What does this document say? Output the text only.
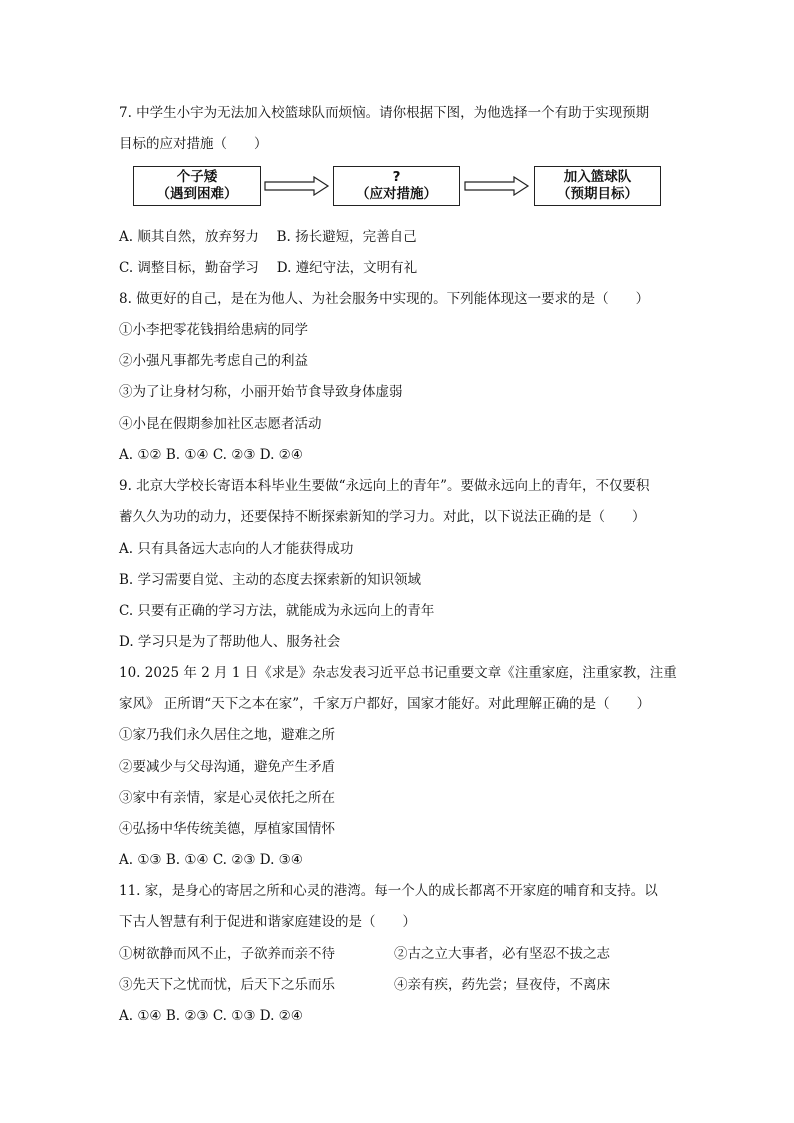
7. 中学生小宇为无法加入校篮球队而烦恼。请你根据下图，为他选择一个有助于实现预期
目标的应对措施（　　）
个子矮
（遇到困难）
?
（应对措施）
加入篮球队
（预期目标）
A. 顺其自然，放弃努力　 B. 扬长避短，完善自己
C. 调整目标，勤奋学习　 D. 遵纪守法，文明有礼
8. 做更好的自己，是在为他人、为社会服务中实现的。下列能体现这一要求的是（　　）
①小李把零花钱捐给患病的同学
②小强凡事都先考虑自己的利益
③为了让身材匀称，小丽开始节食导致身体虚弱
④小昆在假期参加社区志愿者活动
A. ①② B. ①④ C. ②③ D. ②④
9. 北京大学校长寄语本科毕业生要做“永远向上的青年”。要做永远向上的青年，不仅要积
蓄久久为功的动力，还要保持不断探索新知的学习力。对此，以下说法正确的是（　　）
A. 只有具备远大志向的人才能获得成功
B. 学习需要自觉、主动的态度去探索新的知识领域
C. 只要有正确的学习方法，就能成为永远向上的青年
D. 学习只是为了帮助他人、服务社会
10. 2025 年 2 月 1 日《求是》杂志发表习近平总书记重要文章《注重家庭，注重家教，注重
家风》 正所谓“天下之本在家”，千家万户都好，国家才能好。对此理解正确的是（　　）
①家乃我们永久居住之地，避难之所
②要减少与父母沟通，避免产生矛盾
③家中有亲情，家是心灵依托之所在
④弘扬中华传统美德，厚植家国情怀
A. ①③ B. ①④ C. ②③ D. ③④
11. 家，是身心的寄居之所和心灵的港湾。每一个人的成长都离不开家庭的哺育和支持。以
下古人智慧有利于促进和谐家庭建设的是（　　）
①树欲静而风不止，子欲养而亲不待	②古之立大事者，必有坚忍不拔之志
③先天下之忧而忧，后天下之乐而乐	④亲有疾，药先尝；昼夜侍，不离床
A. ①④ B. ②③ C. ①③ D. ②④
